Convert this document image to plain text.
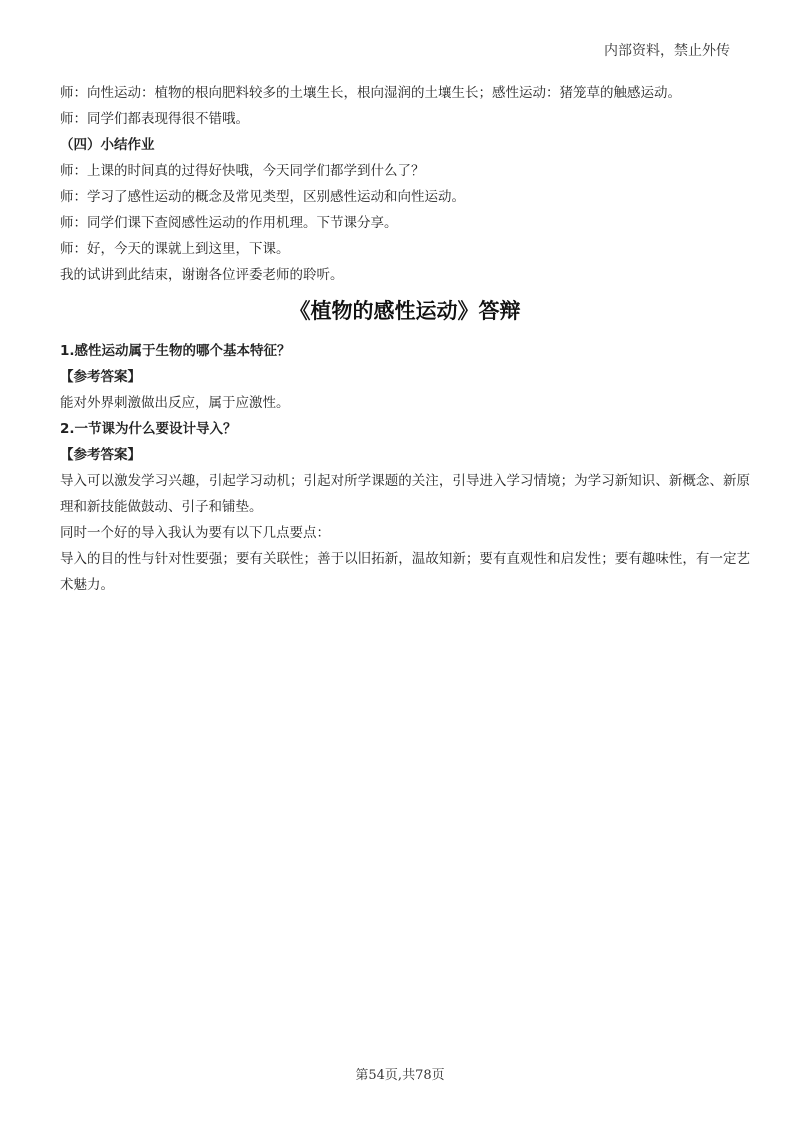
内部资料，禁止外传

师：向性运动：植物的根向肥料较多的土壤生长，根向湿润的土壤生长；感性运动：猪笼草的触感运动。

师：同学们都表现得很不错哦。

（四）小结作业

师：上课的时间真的过得好快哦，今天同学们都学到什么了？

师：学习了感性运动的概念及常见类型，区别感性运动和向性运动。

师：同学们课下查阅感性运动的作用机理。下节课分享。

师：好，今天的课就上到这里，下课。

我的试讲到此结束，谢谢各位评委老师的聆听。

《植物的感性运动》答辩

1.感性运动属于生物的哪个基本特征？

【参考答案】

能对外界刺激做出反应，属于应激性。

2.一节课为什么要设计导入？

【参考答案】

导入可以激发学习兴趣，引起学习动机；引起对所学课题的关注，引导进入学习情境；为学习新知识、新概念、新原理和新技能做鼓动、引子和铺垫。

同时一个好的导入我认为要有以下几点要点：

导入的目的性与针对性要强；要有关联性；善于以旧拓新，温故知新；要有直观性和启发性；要有趣味性，有一定艺术魅力。

第54页,共78页
